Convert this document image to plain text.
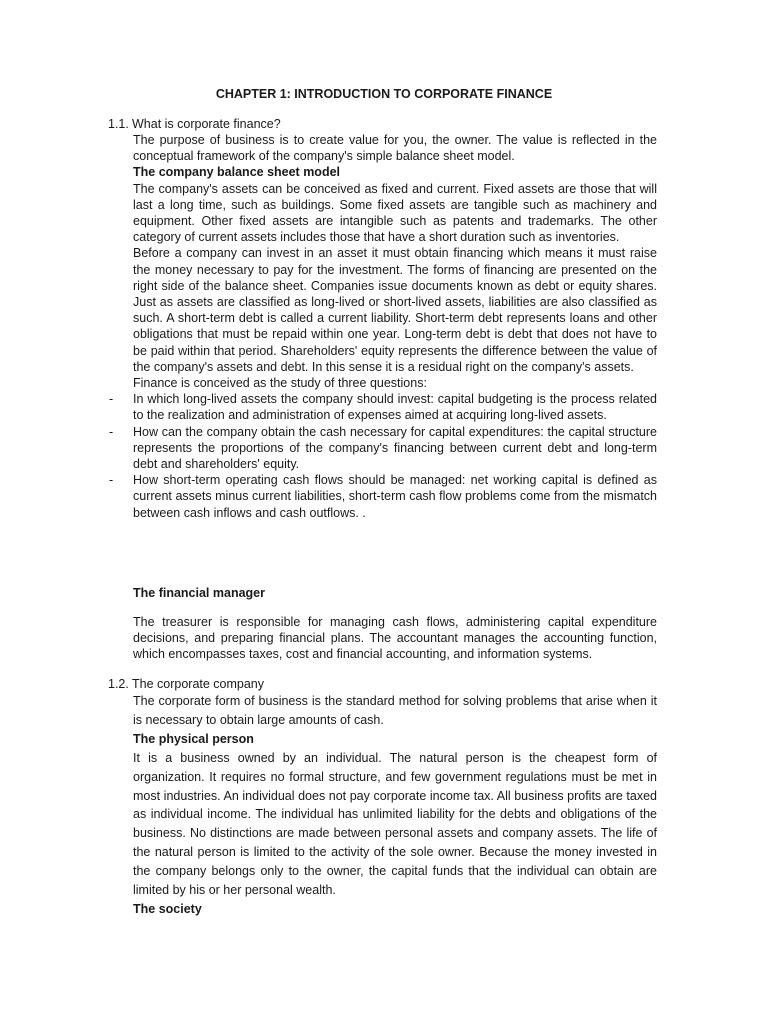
CHAPTER 1: INTRODUCTION TO CORPORATE FINANCE
1.1. What is corporate finance?

The purpose of business is to create value for you, the owner. The value is reflected in the conceptual framework of the company's simple balance sheet model.

The company balance sheet model

The company's assets can be conceived as fixed and current. Fixed assets are those that will last a long time, such as buildings. Some fixed assets are tangible such as machinery and equipment. Other fixed assets are intangible such as patents and trademarks. The other category of current assets includes those that have a short duration such as inventories.

Before a company can invest in an asset it must obtain financing which means it must raise the money necessary to pay for the investment. The forms of financing are presented on the right side of the balance sheet. Companies issue documents known as debt or equity shares. Just as assets are classified as long-lived or short-lived assets, liabilities are also classified as such. A short-term debt is called a current liability. Short-term debt represents loans and other obligations that must be repaid within one year. Long-term debt is debt that does not have to be paid within that period. Shareholders' equity represents the difference between the value of the company's assets and debt. In this sense it is a residual right on the company's assets.

Finance is conceived as the study of three questions:

- In which long-lived assets the company should invest: capital budgeting is the process related to the realization and administration of expenses aimed at acquiring long-lived assets.
- How can the company obtain the cash necessary for capital expenditures: the capital structure represents the proportions of the company's financing between current debt and long-term debt and shareholders' equity.
- How short-term operating cash flows should be managed: net working capital is defined as current assets minus current liabilities, short-term cash flow problems come from the mismatch between cash inflows and cash outflows. .
The financial manager

The treasurer is responsible for managing cash flows, administering capital expenditure decisions, and preparing financial plans. The accountant manages the accounting function, which encompasses taxes, cost and financial accounting, and information systems.

1.2. The corporate company

The corporate form of business is the standard method for solving problems that arise when it is necessary to obtain large amounts of cash.

The physical person

It is a business owned by an individual. The natural person is the cheapest form of organization. It requires no formal structure, and few government regulations must be met in most industries. An individual does not pay corporate income tax. All business profits are taxed as individual income. The individual has unlimited liability for the debts and obligations of the business. No distinctions are made between personal assets and company assets. The life of the natural person is limited to the activity of the sole owner. Because the money invested in the company belongs only to the owner, the capital funds that the individual can obtain are limited by his or her personal wealth.

The society
